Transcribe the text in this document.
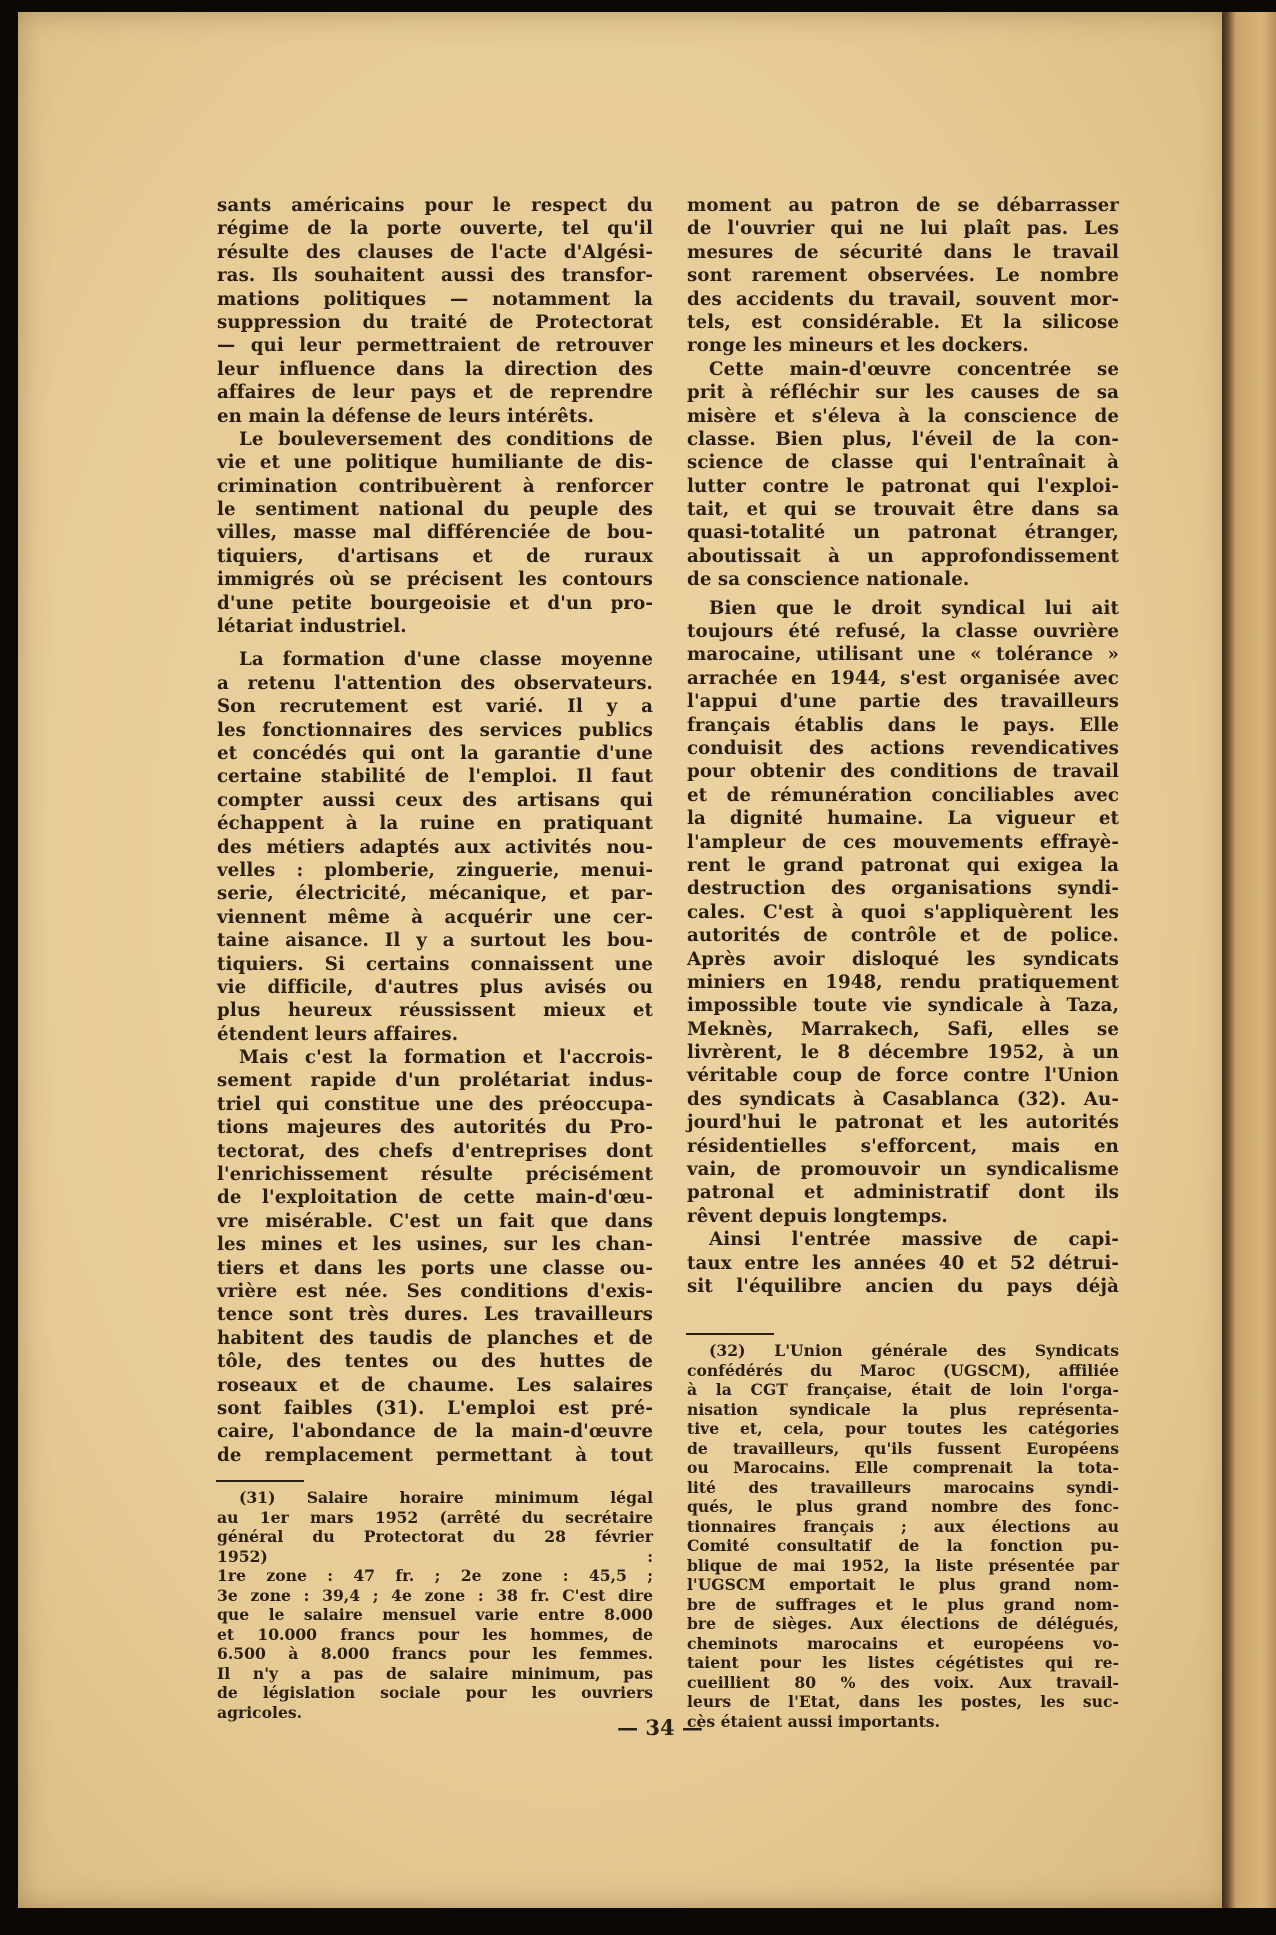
sants américains pour le respect du
régime de la porte ouverte, tel qu'il
résulte des clauses de l'acte d'Algési-
ras. Ils souhaitent aussi des transfor-
mations politiques — notamment la
suppression du traité de Protectorat
— qui leur permettraient de retrouver
leur influence dans la direction des
affaires de leur pays et de reprendre
en main la défense de leurs intérêts.
Le bouleversement des conditions de
vie et une politique humiliante de dis-
crimination contribuèrent à renforcer
le sentiment national du peuple des
villes, masse mal différenciée de bou-
tiquiers, d'artisans et de ruraux
immigrés où se précisent les contours
d'une petite bourgeoisie et d'un pro-
létariat industriel.
La formation d'une classe moyenne
a retenu l'attention des observateurs.
Son recrutement est varié. Il y a
les fonctionnaires des services publics
et concédés qui ont la garantie d'une
certaine stabilité de l'emploi. Il faut
compter aussi ceux des artisans qui
échappent à la ruine en pratiquant
des métiers adaptés aux activités nou-
velles : plomberie, zinguerie, menui-
serie, électricité, mécanique, et par-
viennent même à acquérir une cer-
taine aisance. Il y a surtout les bou-
tiquiers. Si certains connaissent une
vie difficile, d'autres plus avisés ou
plus heureux réussissent mieux et
étendent leurs affaires.
Mais c'est la formation et l'accrois-
sement rapide d'un prolétariat indus-
triel qui constitue une des préoccupa-
tions majeures des autorités du Pro-
tectorat, des chefs d'entreprises dont
l'enrichissement résulte précisément
de l'exploitation de cette main-d'œu-
vre misérable. C'est un fait que dans
les mines et les usines, sur les chan-
tiers et dans les ports une classe ou-
vrière est née. Ses conditions d'exis-
tence sont très dures. Les travailleurs
habitent des taudis de planches et de
tôle, des tentes ou des huttes de
roseaux et de chaume. Les salaires
sont faibles (31). L'emploi est pré-
caire, l'abondance de la main-d'œuvre
de remplacement permettant à tout
(31) Salaire horaire minimum légal
au 1er mars 1952 (arrêté du secrétaire
général du Protectorat du 28 février
1952) :
1re zone : 47 fr. ; 2e zone : 45,5 ;
3e zone : 39,4 ; 4e zone : 38 fr. C'est dire
que le salaire mensuel varie entre 8.000
et 10.000 francs pour les hommes, de
6.500 à 8.000 francs pour les femmes.
Il n'y a pas de salaire minimum, pas
de législation sociale pour les ouvriers
agricoles.
moment au patron de se débarrasser
de l'ouvrier qui ne lui plaît pas. Les
mesures de sécurité dans le travail
sont rarement observées. Le nombre
des accidents du travail, souvent mor-
tels, est considérable. Et la silicose
ronge les mineurs et les dockers.
Cette main-d'œuvre concentrée se
prit à réfléchir sur les causes de sa
misère et s'éleva à la conscience de
classe. Bien plus, l'éveil de la con-
science de classe qui l'entraînait à
lutter contre le patronat qui l'exploi-
tait, et qui se trouvait être dans sa
quasi-totalité un patronat étranger,
aboutissait à un approfondissement
de sa conscience nationale.
Bien que le droit syndical lui ait
toujours été refusé, la classe ouvrière
marocaine, utilisant une « tolérance »
arrachée en 1944, s'est organisée avec
l'appui d'une partie des travailleurs
français établis dans le pays. Elle
conduisit des actions revendicatives
pour obtenir des conditions de travail
et de rémunération conciliables avec
la dignité humaine. La vigueur et
l'ampleur de ces mouvements effrayè-
rent le grand patronat qui exigea la
destruction des organisations syndi-
cales. C'est à quoi s'appliquèrent les
autorités de contrôle et de police.
Après avoir disloqué les syndicats
miniers en 1948, rendu pratiquement
impossible toute vie syndicale à Taza,
Meknès, Marrakech, Safi, elles se
livrèrent, le 8 décembre 1952, à un
véritable coup de force contre l'Union
des syndicats à Casablanca (32). Au-
jourd'hui le patronat et les autorités
résidentielles s'efforcent, mais en
vain, de promouvoir un syndicalisme
patronal et administratif dont ils
rêvent depuis longtemps.
Ainsi l'entrée massive de capi-
taux entre les années 40 et 52 détrui-
sit l'équilibre ancien du pays déjà
(32) L'Union générale des Syndicats
confédérés du Maroc (UGSCM), affiliée
à la CGT française, était de loin l'orga-
nisation syndicale la plus représenta-
tive et, cela, pour toutes les catégories
de travailleurs, qu'ils fussent Européens
ou Marocains. Elle comprenait la tota-
lité des travailleurs marocains syndi-
qués, le plus grand nombre des fonc-
tionnaires français ; aux élections au
Comité consultatif de la fonction pu-
blique de mai 1952, la liste présentée par
l'UGSCM emportait le plus grand nom-
bre de suffrages et le plus grand nom-
bre de sièges. Aux élections de délégués,
cheminots marocains et européens vo-
taient pour les listes cégétistes qui re-
cueillient 80 % des voix. Aux travail-
leurs de l'Etat, dans les postes, les suc-
cès étaient aussi importants.
— 34 —
